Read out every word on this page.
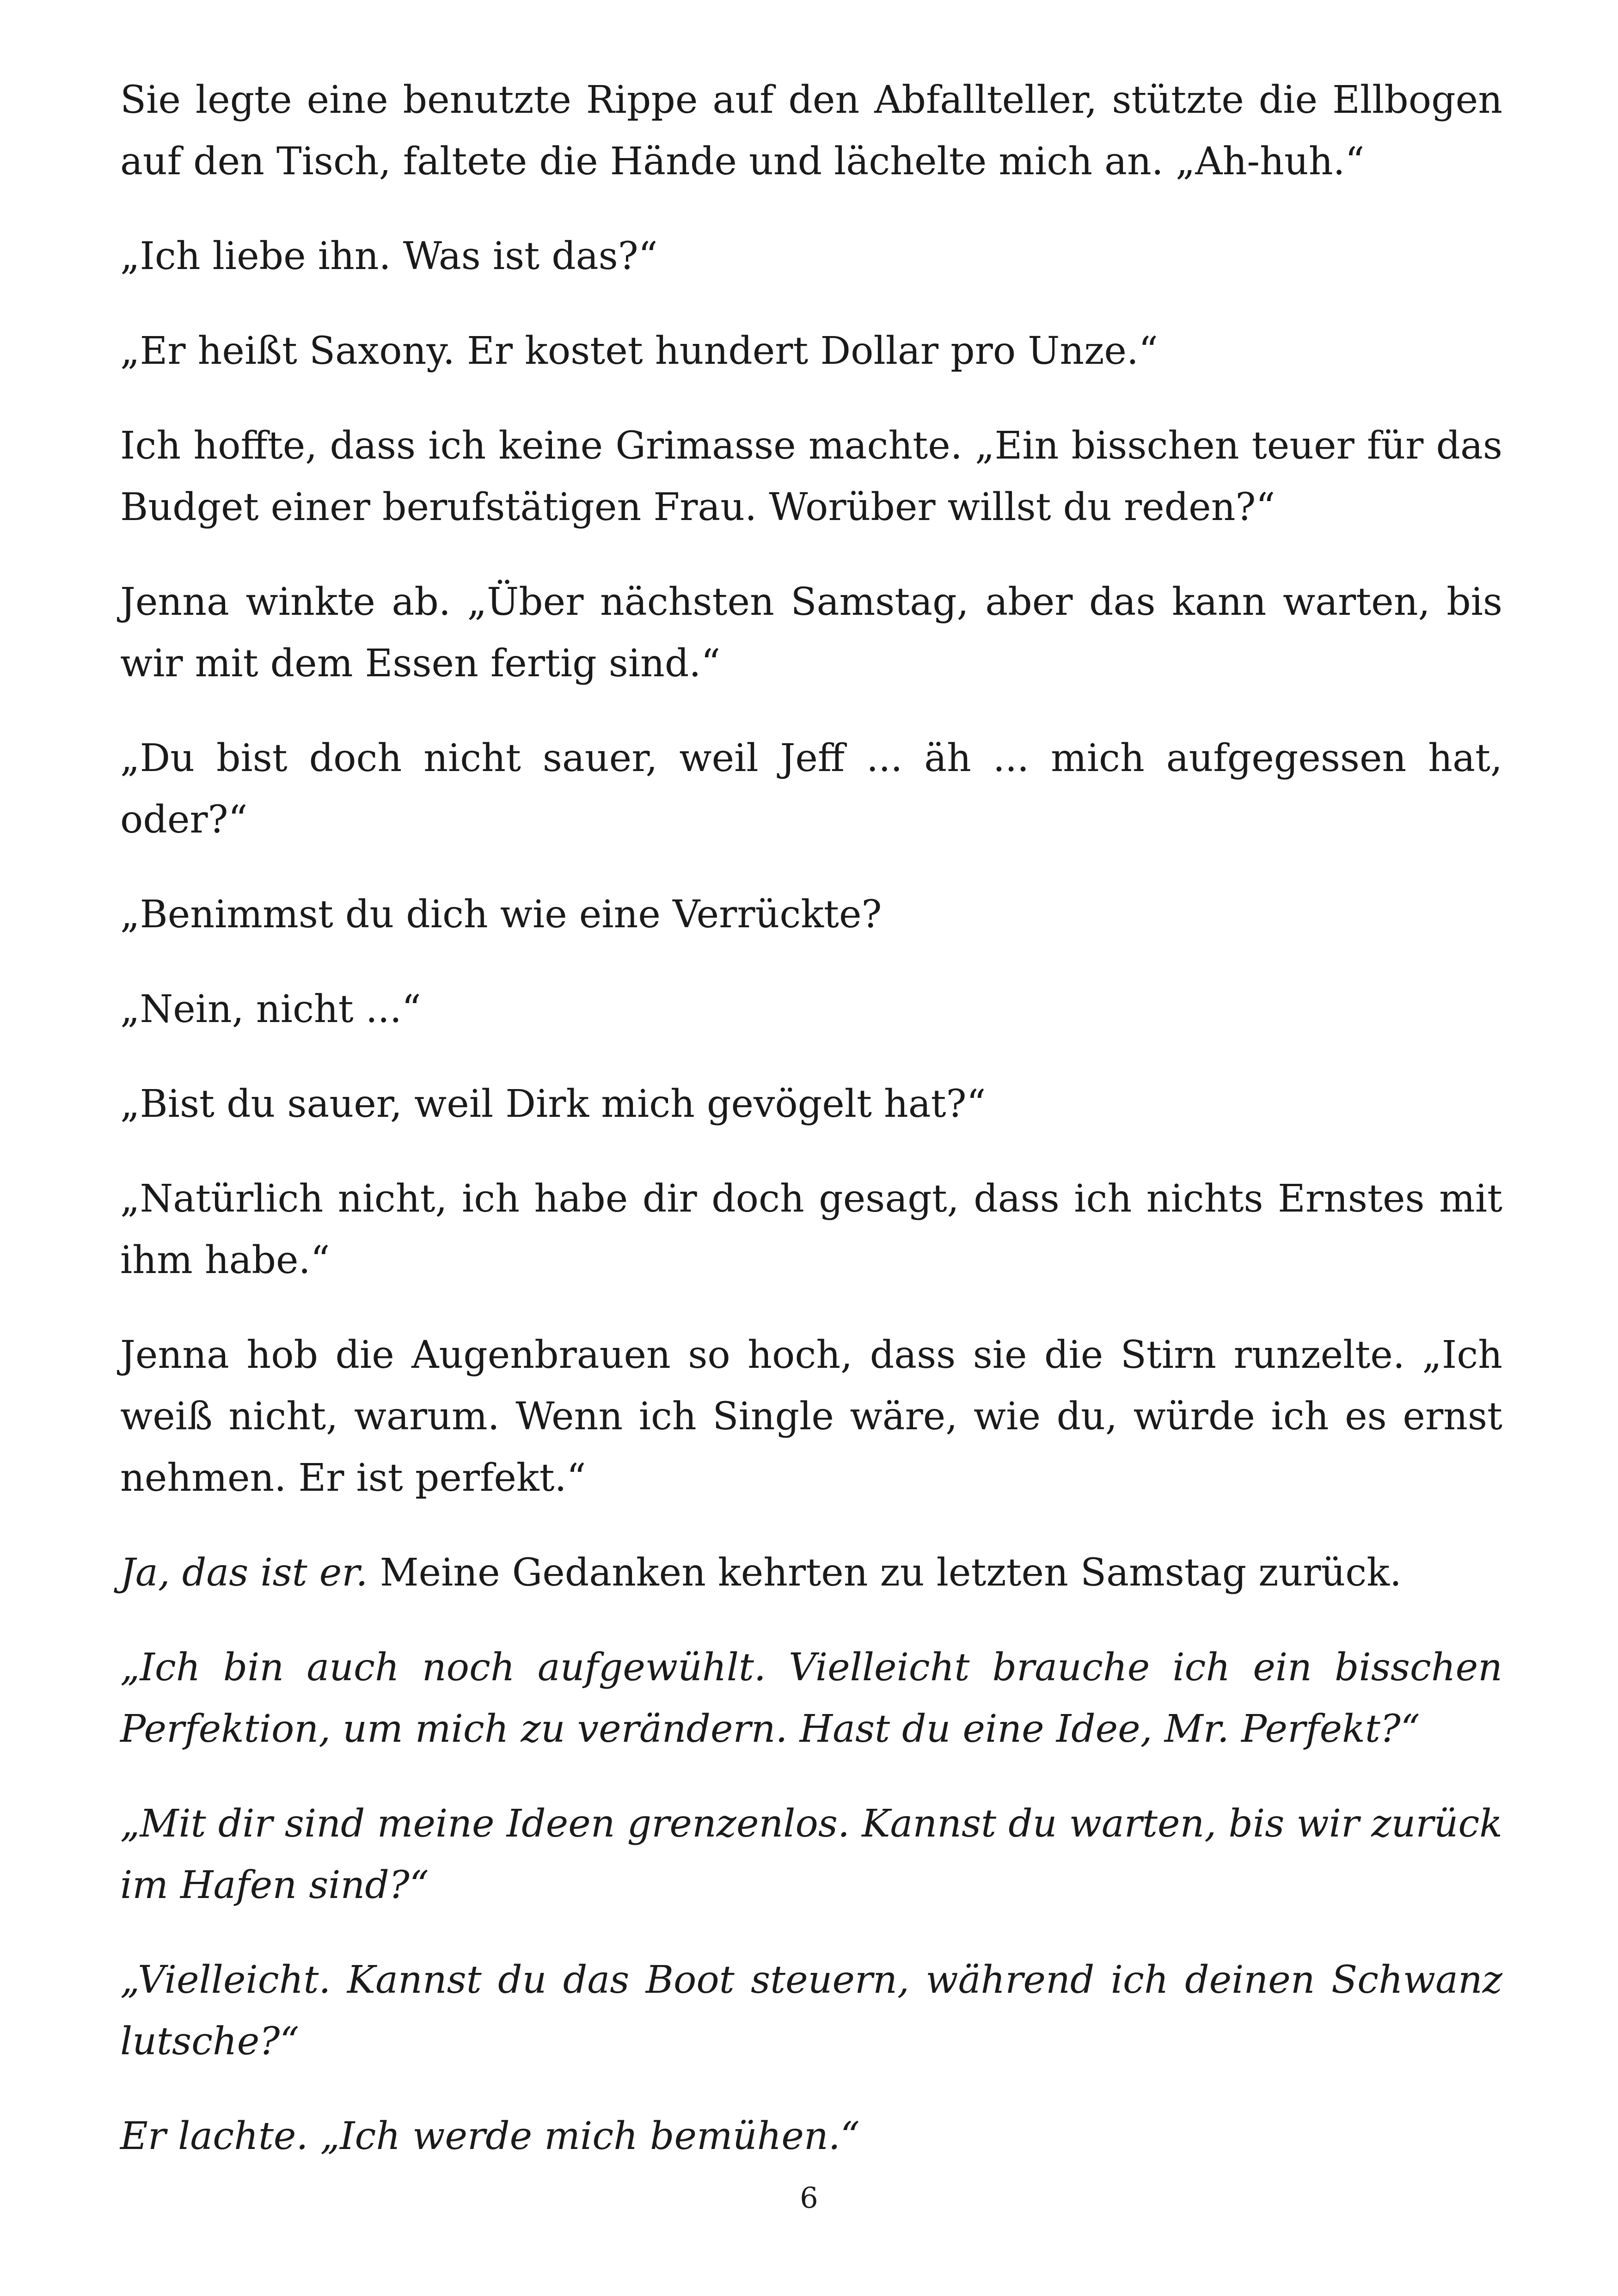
Sie legte eine benutzte Rippe auf den Abfallteller, stützte die Ellbogen auf den Tisch, faltete die Hände und lächelte mich an. „Ah-huh.“

„Ich liebe ihn. Was ist das?“

„Er heißt Saxony. Er kostet hundert Dollar pro Unze.“

Ich hoffte, dass ich keine Grimasse machte. „Ein bisschen teuer für das Budget einer berufstätigen Frau. Worüber willst du reden?“

Jenna winkte ab. „Über nächsten Samstag, aber das kann warten, bis wir mit dem Essen fertig sind.“

„Du bist doch nicht sauer, weil Jeff ... äh ... mich aufgegessen hat, oder?“

„Benimmst du dich wie eine Verrückte?

„Nein, nicht ...“

„Bist du sauer, weil Dirk mich gevögelt hat?“

„Natürlich nicht, ich habe dir doch gesagt, dass ich nichts Ernstes mit ihm habe.“

Jenna hob die Augenbrauen so hoch, dass sie die Stirn runzelte. „Ich weiß nicht, warum. Wenn ich Single wäre, wie du, würde ich es ernst nehmen. Er ist perfekt.“

Ja, das ist er. Meine Gedanken kehrten zu letzten Samstag zurück.

„Ich bin auch noch aufgewühlt. Vielleicht brauche ich ein bisschen Perfektion, um mich zu verändern. Hast du eine Idee, Mr. Perfekt?“

„Mit dir sind meine Ideen grenzenlos. Kannst du warten, bis wir zurück im Hafen sind?“

„Vielleicht. Kannst du das Boot steuern, während ich deinen Schwanz lutsche?“

Er lachte. „Ich werde mich bemühen.“

6
